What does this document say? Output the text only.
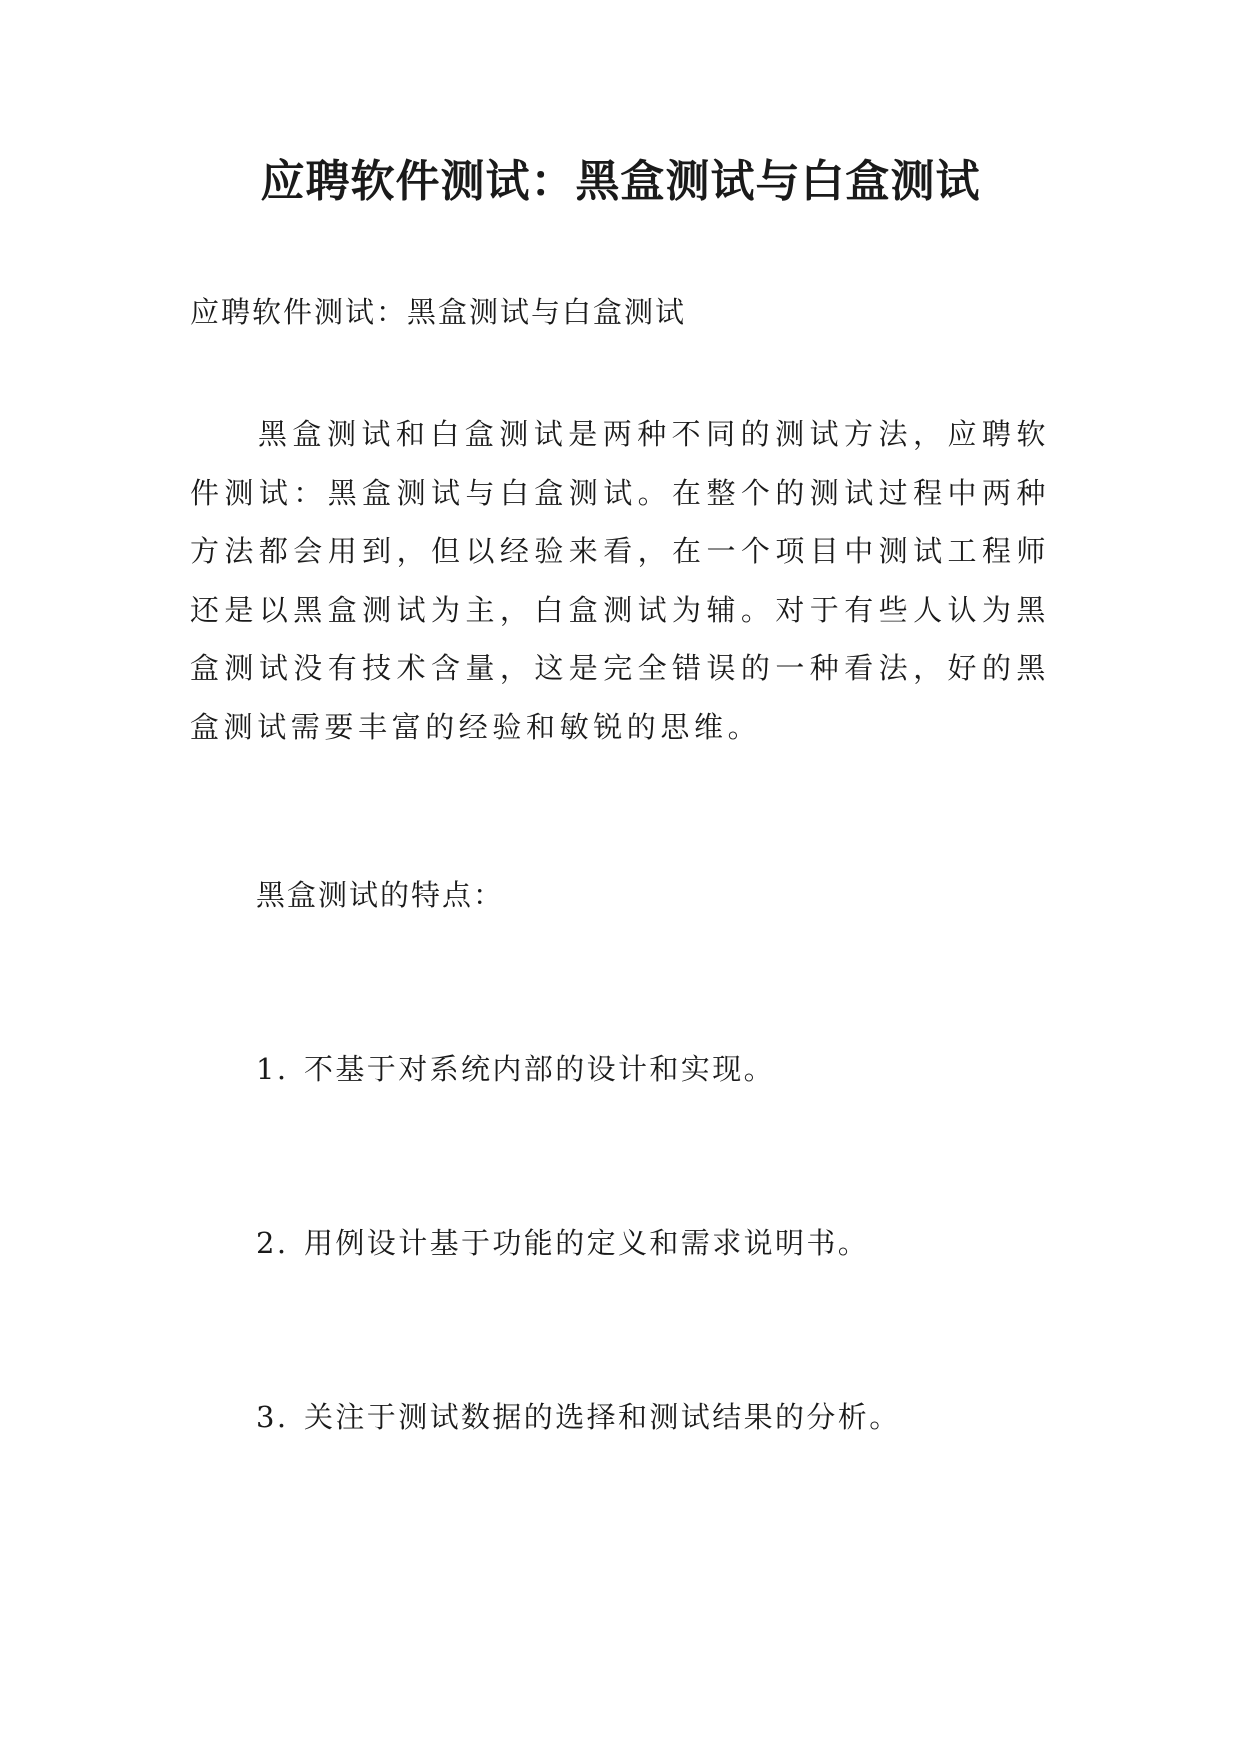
应聘软件测试：黑盒测试与白盒测试

应聘软件测试：黑盒测试与白盒测试

黑盒测试和白盒测试是两种不同的测试方法，应聘软件测试：黑盒测试与白盒测试。在整个的测试过程中两种方法都会用到，但以经验来看，在一个项目中测试工程师还是以黑盒测试为主，白盒测试为辅。对于有些人认为黑盒测试没有技术含量，这是完全错误的一种看法，好的黑盒测试需要丰富的经验和敏锐的思维。

黑盒测试的特点：

1. 不基于对系统内部的设计和实现。

2. 用例设计基于功能的定义和需求说明书。

3. 关注于测试数据的选择和测试结果的分析。
